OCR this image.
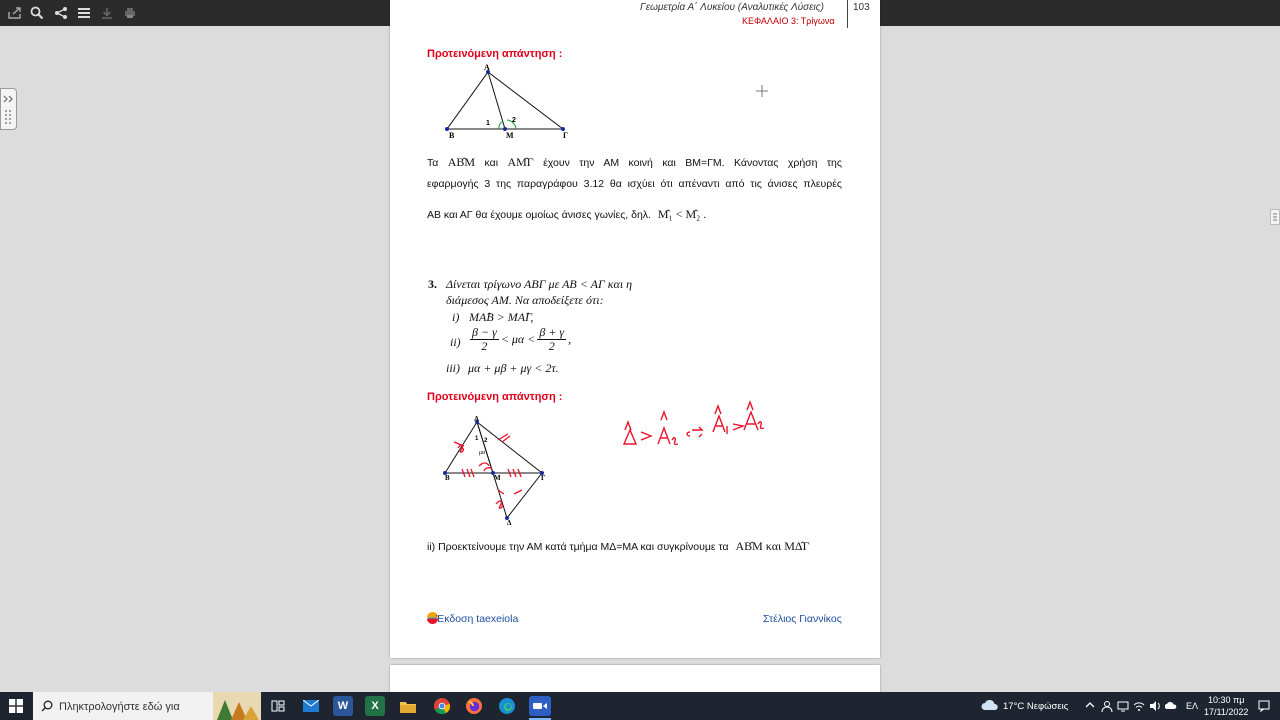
Γεωμετρία Α΄ Λυκείου (Αναλυτικές Λύσεις)
ΚΕΦΑΛΑΙΟ 3: Τρίγωνα
103
Προτεινόμενη απάντηση :
Α
Β	Μ	Γ
1	2
Τα ΑΒ̂Μ και ΑΜ̂Γ έχουν την ΑΜ κοινή και ΒΜ=ΓΜ. Κάνοντας χρήση της
εφαρμογής 3 της παραγράφου 3.12 θα ισχύει ότι απέναντι από τις άνισες πλευρές
ΑΒ και ΑΓ θα έχουμε ομοίως άνισες γωνίες, δηλ. Μ̂₁ < Μ̂₂ .
3. Δίνεται τρίγωνο ΑΒΓ με ΑΒ < ΑΓ και η
διάμεσος ΑΜ. Να αποδείξετε ότι:
i) ΜΑ̂Β > ΜΑ̂Γ,
$ii) \frac{\beta - \gamma}{2} < \mu\alpha < \frac{\beta + \gamma}{2}$ ,
iii) μα + μβ + μγ < 2τ.
Προτεινόμενη απάντηση :
Α
Β	Μ	Γ
Δ
μα
1 2
Δ̂ > Â₂ <=> Â₁ > Â₂
ii) Προεκτείνουμε την ΑΜ κατά τμήμα ΜΔ=ΜΑ και συγκρίνουμε τα ΑΒ̂Μ και ΜΔ̂Γ
Έκδοση taexeiola	Στέλιος Γιαννίκος
Πληκτρολογήστε εδώ για
W	X	17°C Νεφώσεις	ΕΛ
10:30 πμ
17/11/2022
